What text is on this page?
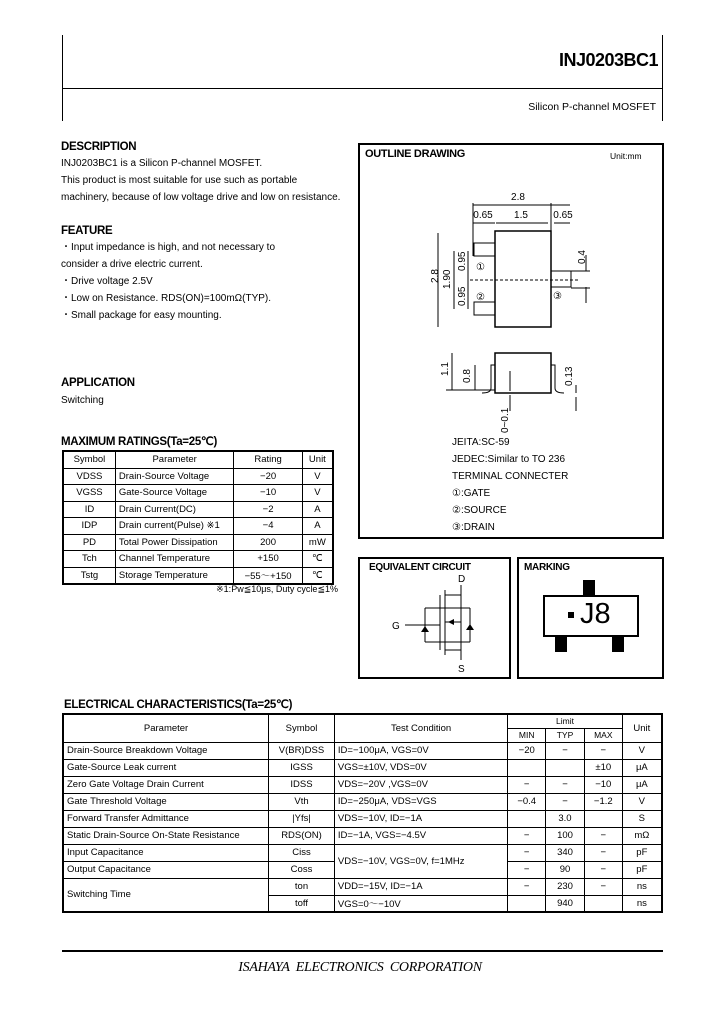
INJ0203BC1
Silicon P-channel MOSFET
DESCRIPTION
INJ0203BC1 is a Silicon P-channel MOSFET.
This product is most suitable for use such as portable
machinery, because of low voltage drive and low on resistance.
FEATURE
・Input impedance is high, and not necessary to
consider a drive electric current.
・Drive voltage 2.5V
・Low on Resistance. RDS(ON)=100mΩ(TYP).
・Small package for easy mounting.
APPLICATION
Switching
MAXIMUM RATINGS(Ta=25℃)
Symbol	Parameter	Rating	Unit
VDSS	Drain-Source Voltage	−20	V
VGSS	Gate-Source Voltage	−10	V
ID	Drain Current(DC)	−2	A
IDP	Drain current(Pulse) ※1	−4	A
PD	Total Power Dissipation	200	mW
Tch	Channel Temperature	+150	℃
Tstg	Storage Temperature	−55〜+150	℃
※1:Pw≦10μs, Duty cycle≦1%
OUTLINE DRAWING	Unit:mm
2.8
0.65 1.5	0.65
2.8 1.90
0.95
0.95
0.4
1.1
0.8	0.13
0~0.1
①
②	③
JEITA:SC-59
JEDEC:Similar to TO 236
TERMINAL CONNECTER
①:GATE
②:SOURCE
③:DRAIN
EQUIVALENT CIRCUIT
D
G
S
MARKING
J8
ELECTRICAL CHARACTERISTICS(Ta=25℃)
Parameter	Symbol	Test Condition	Limit			Unit
			MIN	TYP	MAX	
Drain-Source Breakdown Voltage	V(BR)DSS	ID=−100μA, VGS=0V	−20	−	−	V
Gate-Source Leak current	IGSS	VGS=±10V, VDS=0V			±10	μA
Zero Gate Voltage Drain Current	IDSS	VDS=−20V ,VGS=0V	−	−	−10	μA
Gate Threshold Voltage	Vth	ID=−250μA, VDS=VGS	−0.4	−	−1.2	V
Forward Transfer Admittance	|Yfs|	VDS=−10V, ID=−1A		3.0		S
Static Drain-Source On-State Resistance	RDS(ON)	ID=−1A, VGS=−4.5V	−	100	−	mΩ
Input Capacitance	Ciss	VDS=−10V, VGS=0V, f=1MHz	−	340	−	pF
Output Capacitance	Coss		−	90	−	pF
Switching Time	ton	VDD=−15V, ID=−1A	−	230	−	ns
	toff	VGS=0〜−10V		940		ns
ISAHAYA  ELECTRONICS  CORPORATION
